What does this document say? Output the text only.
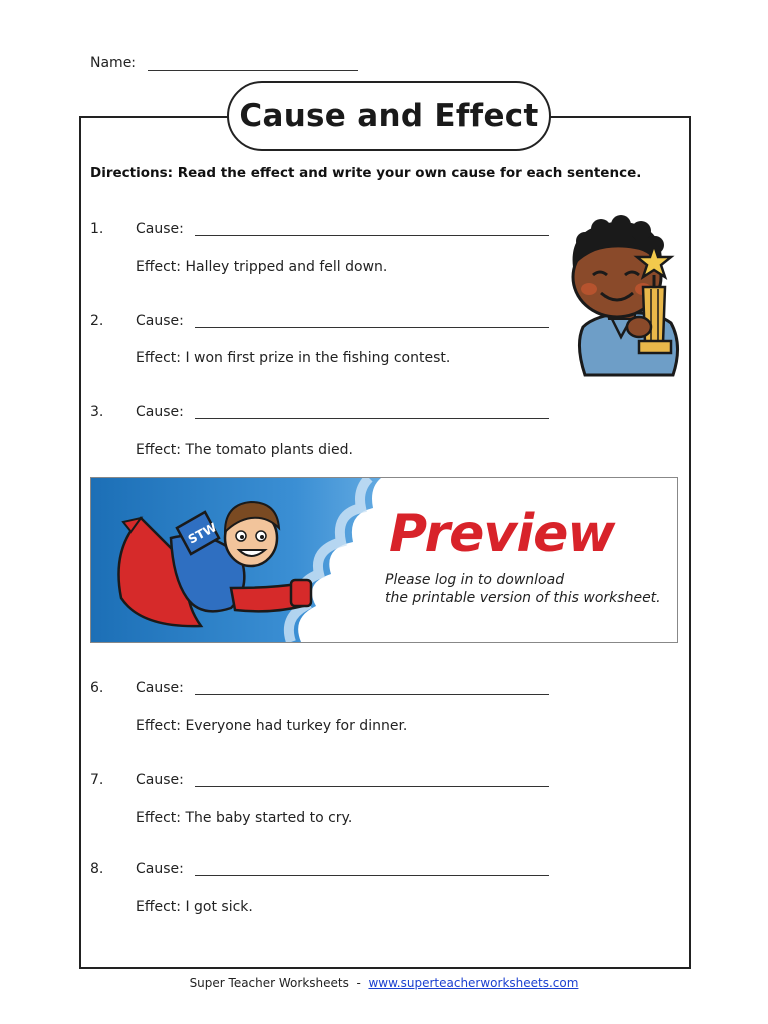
Name:
Cause and Effect
Directions: Read the effect and write your own cause for each sentence.
1. Cause:
Effect: Halley tripped and fell down.
2. Cause:
Effect: I won first prize in the fishing contest.
3. Cause:
Effect: The tomato plants died.
STW	Preview
Please log in to download
the printable version of this worksheet.
6. Cause:
Effect: Everyone had turkey for dinner.
7. Cause:
Effect: The baby started to cry.
8. Cause:
Effect: I got sick.
Super Teacher Worksheets  -  www.superteacherworksheets.com
